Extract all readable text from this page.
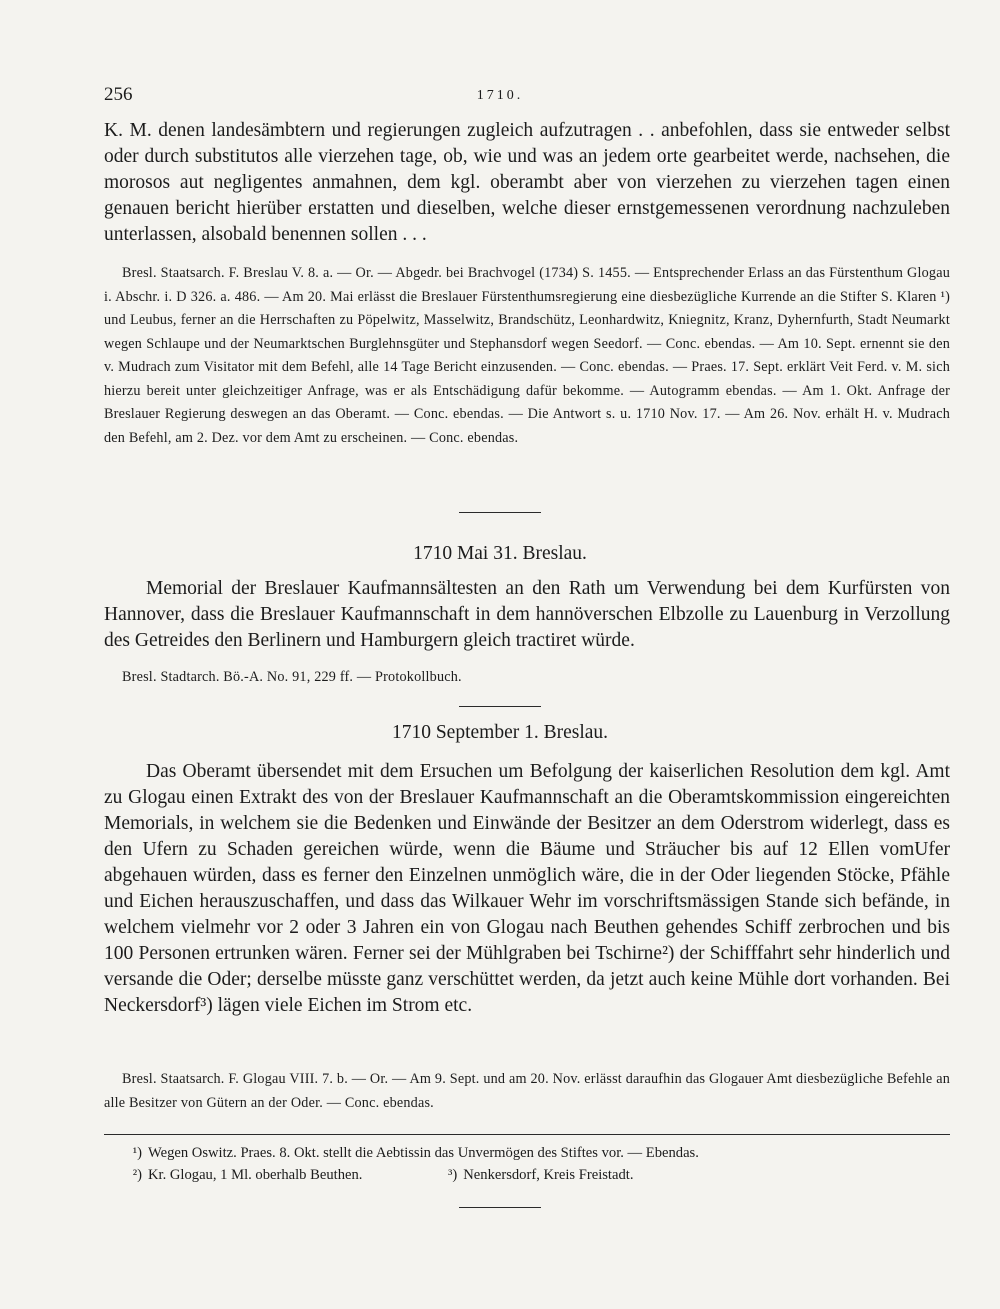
256	1710.

K. M. denen landesämbtern und regierungen zugleich aufzutragen . . anbefohlen, dass sie entweder selbst oder durch substitutos alle vierzehen tage, ob, wie und was an jedem orte gearbeitet werde, nachsehen, die morosos aut negligentes anmahnen, dem kgl. oberambt aber von vierzehen zu vierzehen tagen einen genauen bericht hierüber erstatten und dieselben, welche dieser ernstgemessenen verordnung nachzuleben unterlassen, alsobald benennen sollen . . .

Bresl. Staatsarch. F. Breslau V. 8. a. — Or. — Abgedr. bei Brachvogel (1734) S. 1455. — Entsprechender Erlass an das Fürstenthum Glogau i. Abschr. i. D 326. a. 486. — Am 20. Mai erlässt die Breslauer Fürstenthumsregierung eine diesbezügliche Kurrende an die Stifter S. Klaren ¹) und Leubus, ferner an die Herrschaften zu Pöpelwitz, Masselwitz, Brandschütz, Leonhardwitz, Kniegnitz, Kranz, Dyhernfurth, Stadt Neumarkt wegen Schlaupe und der Neumarktschen Burglehnsgüter und Stephansdorf wegen Seedorf. — Conc. ebendas. — Am 10. Sept. ernennt sie den v. Mudrach zum Visitator mit dem Befehl, alle 14 Tage Bericht einzusenden. — Conc. ebendas. — Praes. 17. Sept. erklärt Veit Ferd. v. M. sich hierzu bereit unter gleichzeitiger Anfrage, was er als Entschädigung dafür bekomme. — Autogramm ebendas. — Am 1. Okt. Anfrage der Breslauer Regierung deswegen an das Oberamt. — Conc. ebendas. — Die Antwort s. u. 1710 Nov. 17. — Am 26. Nov. erhält H. v. Mudrach den Befehl, am 2. Dez. vor dem Amt zu erscheinen. — Conc. ebendas.

1710 Mai 31. Breslau.

Memorial der Breslauer Kaufmannsältesten an den Rath um Verwendung bei dem Kurfürsten von Hannover, dass die Breslauer Kaufmannschaft in dem hannöverschen Elbzolle zu Lauenburg in Verzollung des Getreides den Berlinern und Hamburgern gleich tractiret würde.

Bresl. Stadtarch. Bö.-A. No. 91, 229 ff. — Protokollbuch.

1710 September 1. Breslau.

Das Oberamt übersendet mit dem Ersuchen um Befolgung der kaiserlichen Resolution dem kgl. Amt zu Glogau einen Extrakt des von der Breslauer Kaufmannschaft an die Oberamtskommission eingereichten Memorials, in welchem sie die Bedenken und Einwände der Besitzer an dem Oderstrom widerlegt, dass es den Ufern zu Schaden gereichen würde, wenn die Bäume und Sträucher bis auf 12 Ellen vomUfer abgehauen würden, dass es ferner den Einzelnen unmöglich wäre, die in der Oder liegenden Stöcke, Pfähle und Eichen herauszuschaffen, und dass das Wilkauer Wehr im vorschriftsmässigen Stande sich befände, in welchem vielmehr vor 2 oder 3 Jahren ein von Glogau nach Beuthen gehendes Schiff zerbrochen und bis 100 Personen ertrunken wären. Ferner sei der Mühlgraben bei Tschirne²) der Schifffahrt sehr hinderlich und versande die Oder; derselbe müsste ganz verschüttet werden, da jetzt auch keine Mühle dort vorhanden. Bei Neckersdorf³) lägen viele Eichen im Strom etc.

Bresl. Staatsarch. F. Glogau VIII. 7. b. — Or. — Am 9. Sept. und am 20. Nov. erlässt daraufhin das Glogauer Amt diesbezügliche Befehle an alle Besitzer von Gütern an der Oder. — Conc. ebendas.

¹) Wegen Oswitz. Praes. 8. Okt. stellt die Aebtissin das Unvermögen des Stiftes vor. — Ebendas.
²) Kr. Glogau, 1 Ml. oberhalb Beuthen.	³) Nenkersdorf, Kreis Freistadt.
